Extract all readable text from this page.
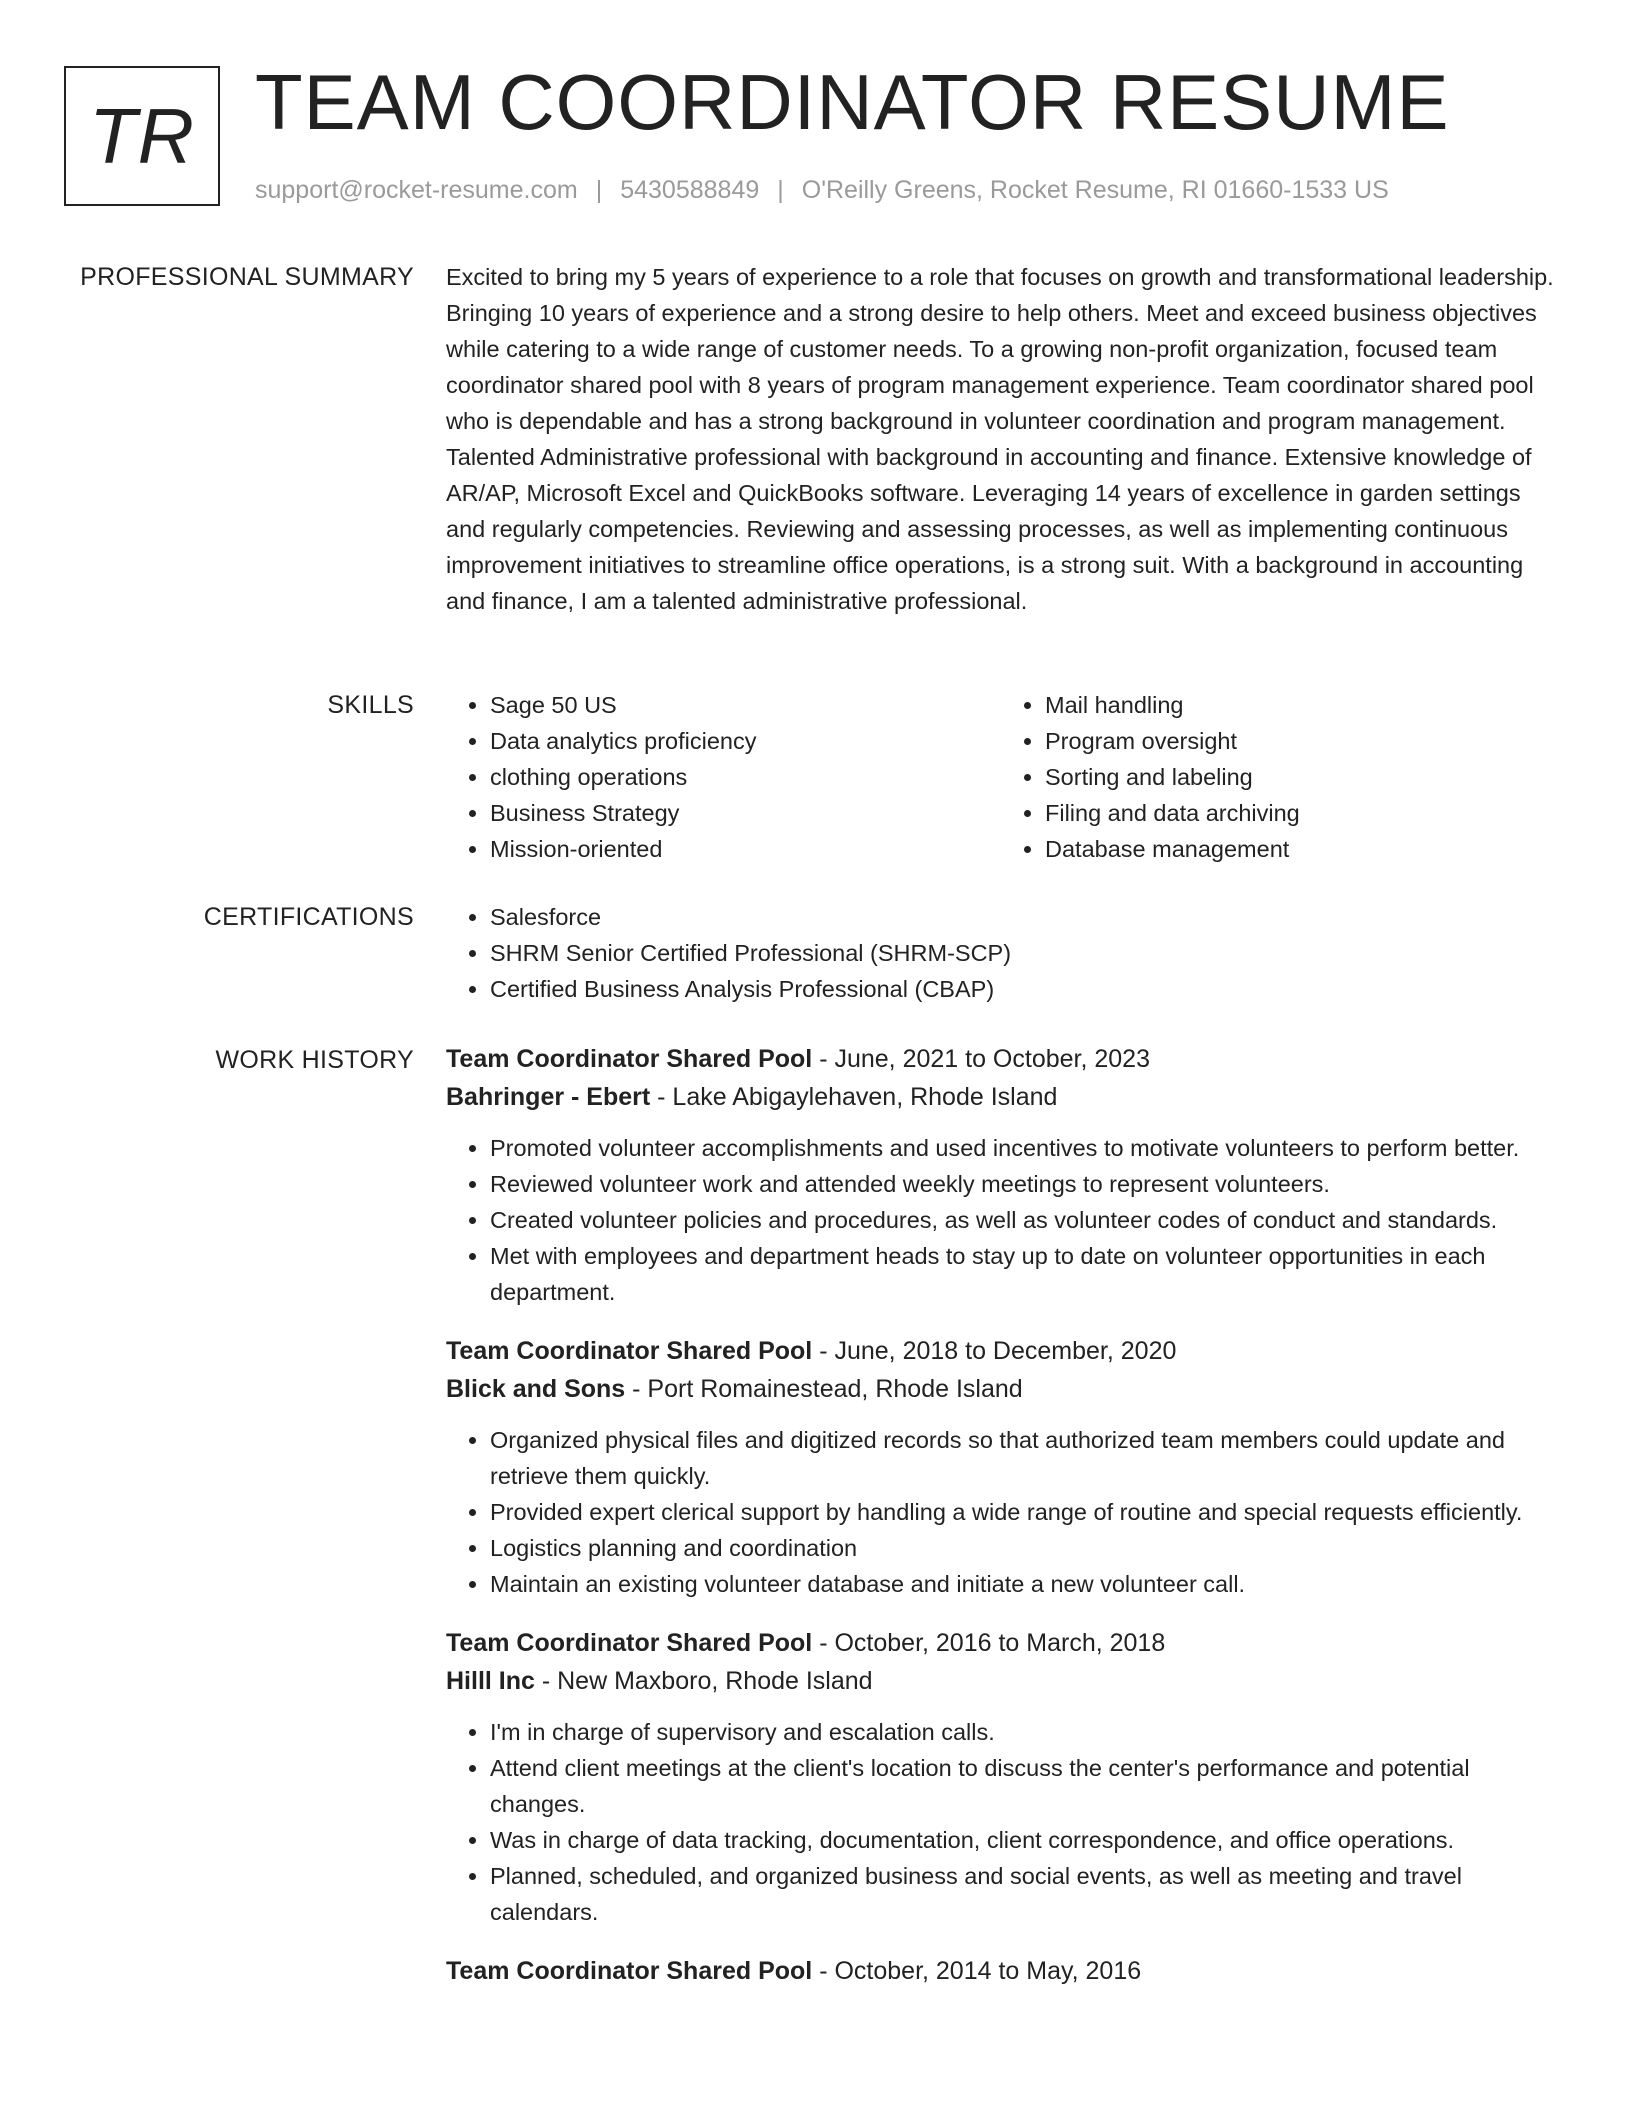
TR TEAM COORDINATOR RESUME
support@rocket-resume.com | 5430588849 | O'Reilly Greens, Rocket Resume, RI 01660-1533 US
PROFESSIONAL SUMMARY Excited to bring my 5 years of experience to a role that focuses on growth and transformational leadership. Bringing 10 years of experience and a strong desire to help others. Meet and exceed business objectives while catering to a wide range of customer needs. To a growing non-profit organization, focused team coordinator shared pool with 8 years of program management experience. Team coordinator shared pool who is dependable and has a strong background in volunteer coordination and program management. Talented Administrative professional with background in accounting and finance. Extensive knowledge of AR/AP, Microsoft Excel and QuickBooks software. Leveraging 14 years of excellence in garden settings and regularly competencies. Reviewing and assessing processes, as well as implementing continuous improvement initiatives to streamline office operations, is a strong suit. With a background in accounting and finance, I am a talented administrative professional.

SKILLS	• Sage 50 US
• Data analytics proficiency
• clothing operations
• Business Strategy
• Mission-oriented
• Mail handling
• Program oversight
• Sorting and labeling
• Filing and data archiving
• Database management
CERTIFICATIONS	• Salesforce
• SHRM Senior Certified Professional (SHRM-SCP)
• Certified Business Analysis Professional (CBAP)
WORK HISTORY Team Coordinator Shared Pool - June, 2021 to October, 2023
Bahringer - Ebert - Lake Abigaylehaven, Rhode Island
• Promoted volunteer accomplishments and used incentives to motivate volunteers to perform better.
• Reviewed volunteer work and attended weekly meetings to represent volunteers.
• Created volunteer policies and procedures, as well as volunteer codes of conduct and standards.
• Met with employees and department heads to stay up to date on volunteer opportunities in each department.
Team Coordinator Shared Pool - June, 2018 to December, 2020
Blick and Sons - Port Romainestead, Rhode Island
• Organized physical files and digitized records so that authorized team members could update and retrieve them quickly.
• Provided expert clerical support by handling a wide range of routine and special requests efficiently.
• Logistics planning and coordination
• Maintain an existing volunteer database and initiate a new volunteer call.
Team Coordinator Shared Pool - October, 2016 to March, 2018
Hilll Inc - New Maxboro, Rhode Island
• I'm in charge of supervisory and escalation calls.
• Attend client meetings at the client's location to discuss the center's performance and potential changes.
• Was in charge of data tracking, documentation, client correspondence, and office operations.
• Planned, scheduled, and organized business and social events, as well as meeting and travel calendars.
Team Coordinator Shared Pool - October, 2014 to May, 2016
